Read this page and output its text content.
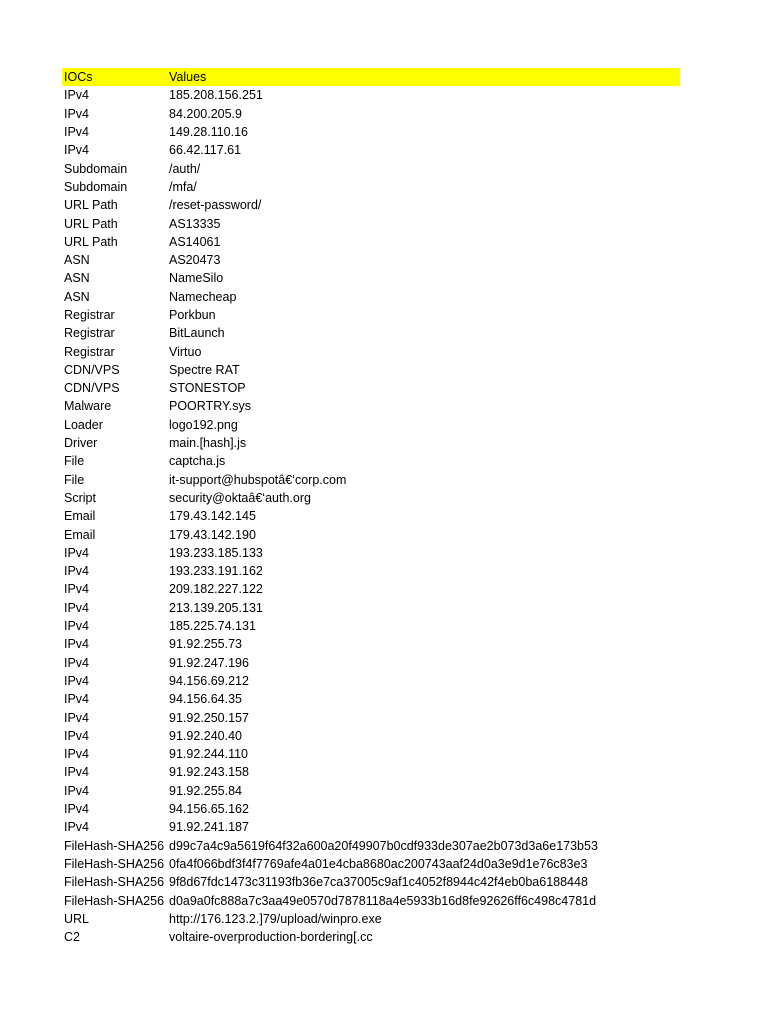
IOCs	Values
IPv4	185.208.156.251
IPv4	84.200.205.9
IPv4	149.28.110.16
IPv4	66.42.117.61
Subdomain	/auth/
Subdomain	/mfa/
URL Path	/reset-password/
URL Path	AS13335
URL Path	AS14061
ASN	AS20473
ASN	NameSilo
ASN	Namecheap
Registrar	Porkbun
Registrar	BitLaunch
Registrar	Virtuo
CDN/VPS	Spectre RAT
CDN/VPS	STONESTOP
Malware	POORTRY.sys
Loader	logo192.png
Driver	main.[hash].js
File	captcha.js
File	it-support@hubspotâ€‘corp.com
Script	security@oktaâ€‘auth.org
Email	179.43.142.145
Email	179.43.142.190
IPv4	193.233.185.133
IPv4	193.233.191.162
IPv4	209.182.227.122
IPv4	213.139.205.131
IPv4	185.225.74.131
IPv4	91.92.255.73
IPv4	91.92.247.196
IPv4	94.156.69.212
IPv4	94.156.64.35
IPv4	91.92.250.157
IPv4	91.92.240.40
IPv4	91.92.244.110
IPv4	91.92.243.158
IPv4	91.92.255.84
IPv4	94.156.65.162
IPv4	91.92.241.187
FileHash-SHA256 d99c7a4c9a5619f64f32a600a20f49907b0cdf933de307ae2b073d3a6e173b53
FileHash-SHA256 0fa4f066bdf3f4f7769afe4a01e4cba8680ac200743aaf24d0a3e9d1e76c83e3
FileHash-SHA256 9f8d67fdc1473c31193fb36e7ca37005c9af1c4052f8944c42f4eb0ba6188448
FileHash-SHA256 d0a9a0fc888a7c3aa49e0570d7878118a4e5933b16d8fe92626ff6c498c4781d
URL	http://176.123.2.]79/upload/winpro.exe
C2	voltaire-overproduction-bordering[.cc
